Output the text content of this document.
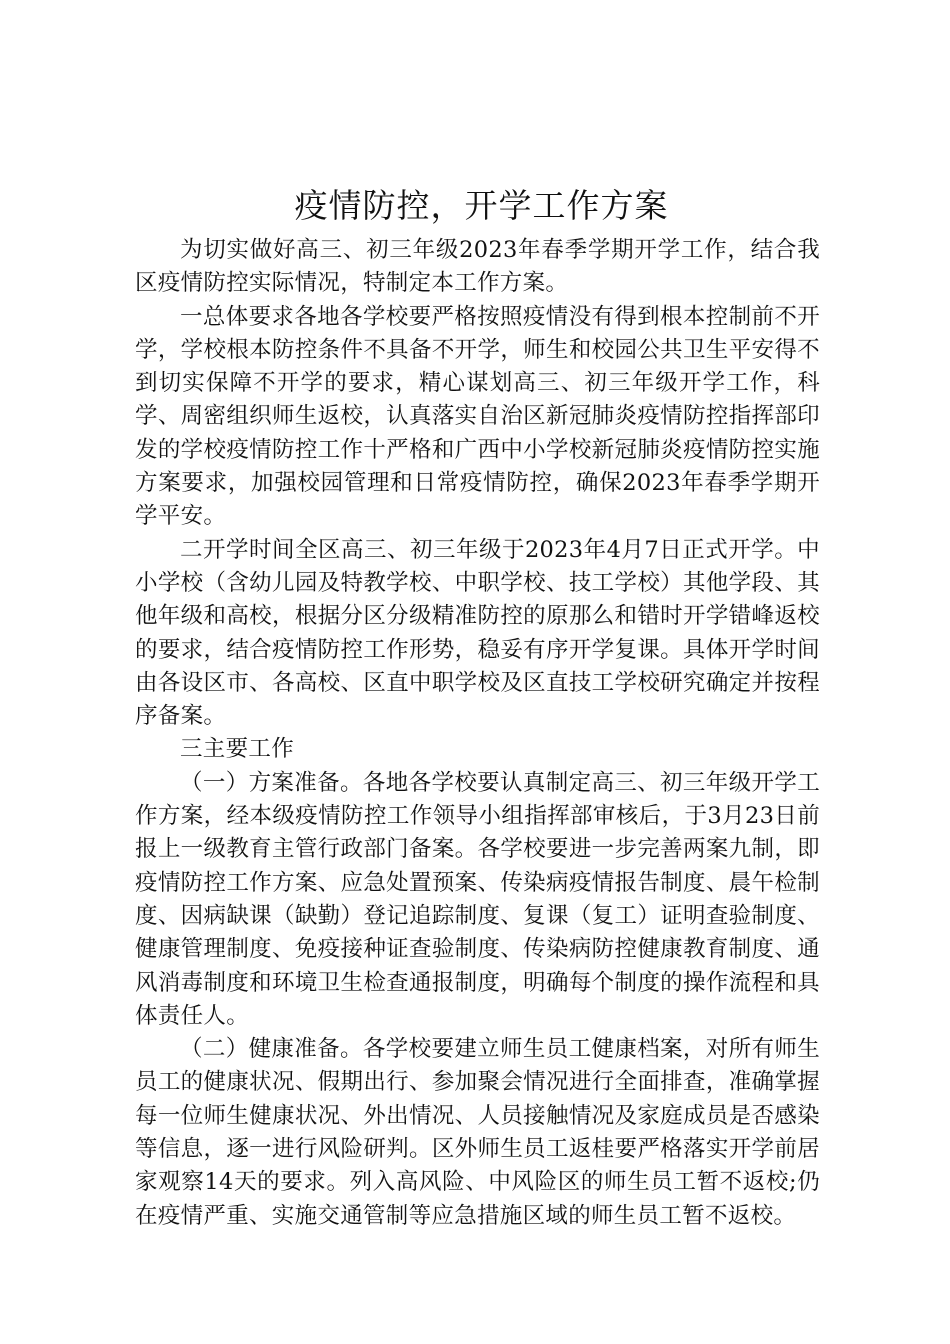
疫情防控，开学工作方案

为切实做好高三、初三年级2023年春季学期开学工作，结合我区疫情防控实际情况，特制定本工作方案。

一总体要求各地各学校要严格按照疫情没有得到根本控制前不开学，学校根本防控条件不具备不开学，师生和校园公共卫生平安得不到切实保障不开学的要求，精心谋划高三、初三年级开学工作，科学、周密组织师生返校，认真落实自治区新冠肺炎疫情防控指挥部印发的学校疫情防控工作十严格和广西中小学校新冠肺炎疫情防控实施方案要求，加强校园管理和日常疫情防控，确保2023年春季学期开学平安。

二开学时间全区高三、初三年级于2023年4月7日正式开学。中小学校（含幼儿园及特教学校、中职学校、技工学校）其他学段、其他年级和高校，根据分区分级精准防控的原那么和错时开学错峰返校的要求，结合疫情防控工作形势，稳妥有序开学复课。具体开学时间由各设区市、各高校、区直中职学校及区直技工学校研究确定并按程序备案。

三主要工作

（一）方案准备。各地各学校要认真制定高三、初三年级开学工作方案，经本级疫情防控工作领导小组指挥部审核后，于3月23日前报上一级教育主管行政部门备案。各学校要进一步完善两案九制，即疫情防控工作方案、应急处置预案、传染病疫情报告制度、晨午检制度、因病缺课（缺勤）登记追踪制度、复课（复工）证明查验制度、健康管理制度、免疫接种证查验制度、传染病防控健康教育制度、通风消毒制度和环境卫生检查通报制度，明确每个制度的操作流程和具体责任人。

（二）健康准备。各学校要建立师生员工健康档案，对所有师生员工的健康状况、假期出行、参加聚会情况进行全面排查，准确掌握每一位师生健康状况、外出情况、人员接触情况及家庭成员是否感染等信息，逐一进行风险研判。区外师生员工返桂要严格落实开学前居家观察14天的要求。列入高风险、中风险区的师生员工暂不返校;仍在疫情严重、实施交通管制等应急措施区域的师生员工暂不返校。
